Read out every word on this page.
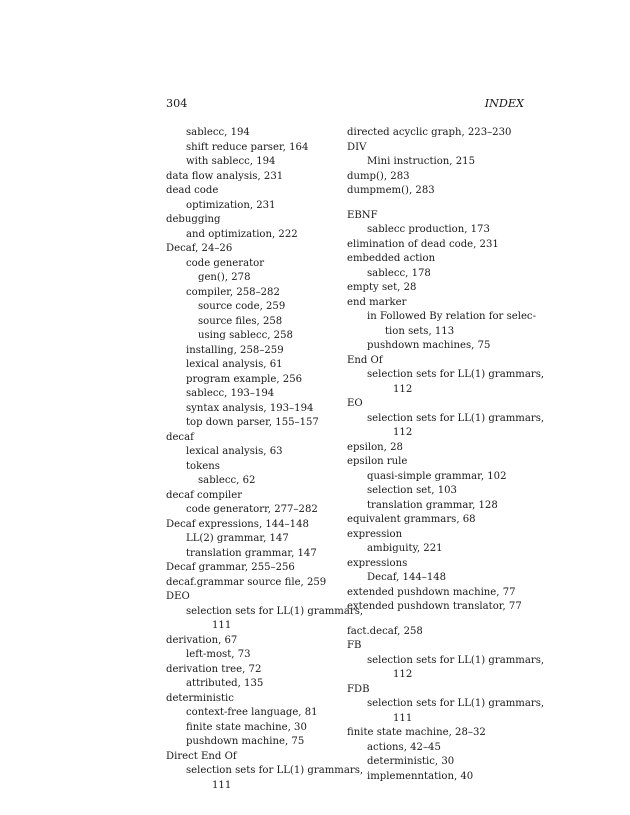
304	INDEX
sablecc, 194
shift reduce parser, 164
with sablecc, 194
data flow analysis, 231
dead code
optimization, 231
debugging
and optimization, 222
Decaf, 24–26
code generator
gen(), 278
compiler, 258–282
source code, 259
source files, 258
using sablecc, 258
installing, 258–259
lexical analysis, 61
program example, 256
sablecc, 193–194
syntax analysis, 193–194
top down parser, 155–157
decaf
lexical analysis, 63
tokens
sablecc, 62
decaf compiler
code generatorr, 277–282
Decaf expressions, 144–148
LL(2) grammar, 147
translation grammar, 147
Decaf grammar, 255–256
decaf.grammar source file, 259
DEO
selection sets for LL(1) grammars,
111
derivation, 67
left-most, 73
derivation tree, 72
attributed, 135
deterministic
context-free language, 81
finite state machine, 30
pushdown machine, 75
Direct End Of
selection sets for LL(1) grammars,
111
directed acyclic graph, 223–230
DIV
Mini instruction, 215
dump(), 283
dumpmem(), 283
EBNF
sablecc production, 173
elimination of dead code, 231
embedded action
sablecc, 178
empty set, 28
end marker
in Followed By relation for selec-
tion sets, 113
pushdown machines, 75
End Of
selection sets for LL(1) grammars,
112
EO
selection sets for LL(1) grammars,
112
epsilon, 28
epsilon rule
quasi-simple grammar, 102
selection set, 103
translation grammar, 128
equivalent grammars, 68
expression
ambiguity, 221
expressions
Decaf, 144–148
extended pushdown machine, 77
extended pushdown translator, 77
fact.decaf, 258
FB
selection sets for LL(1) grammars,
112
FDB
selection sets for LL(1) grammars,
111
finite state machine, 28–32
actions, 42–45
deterministic, 30
implemenntation, 40
